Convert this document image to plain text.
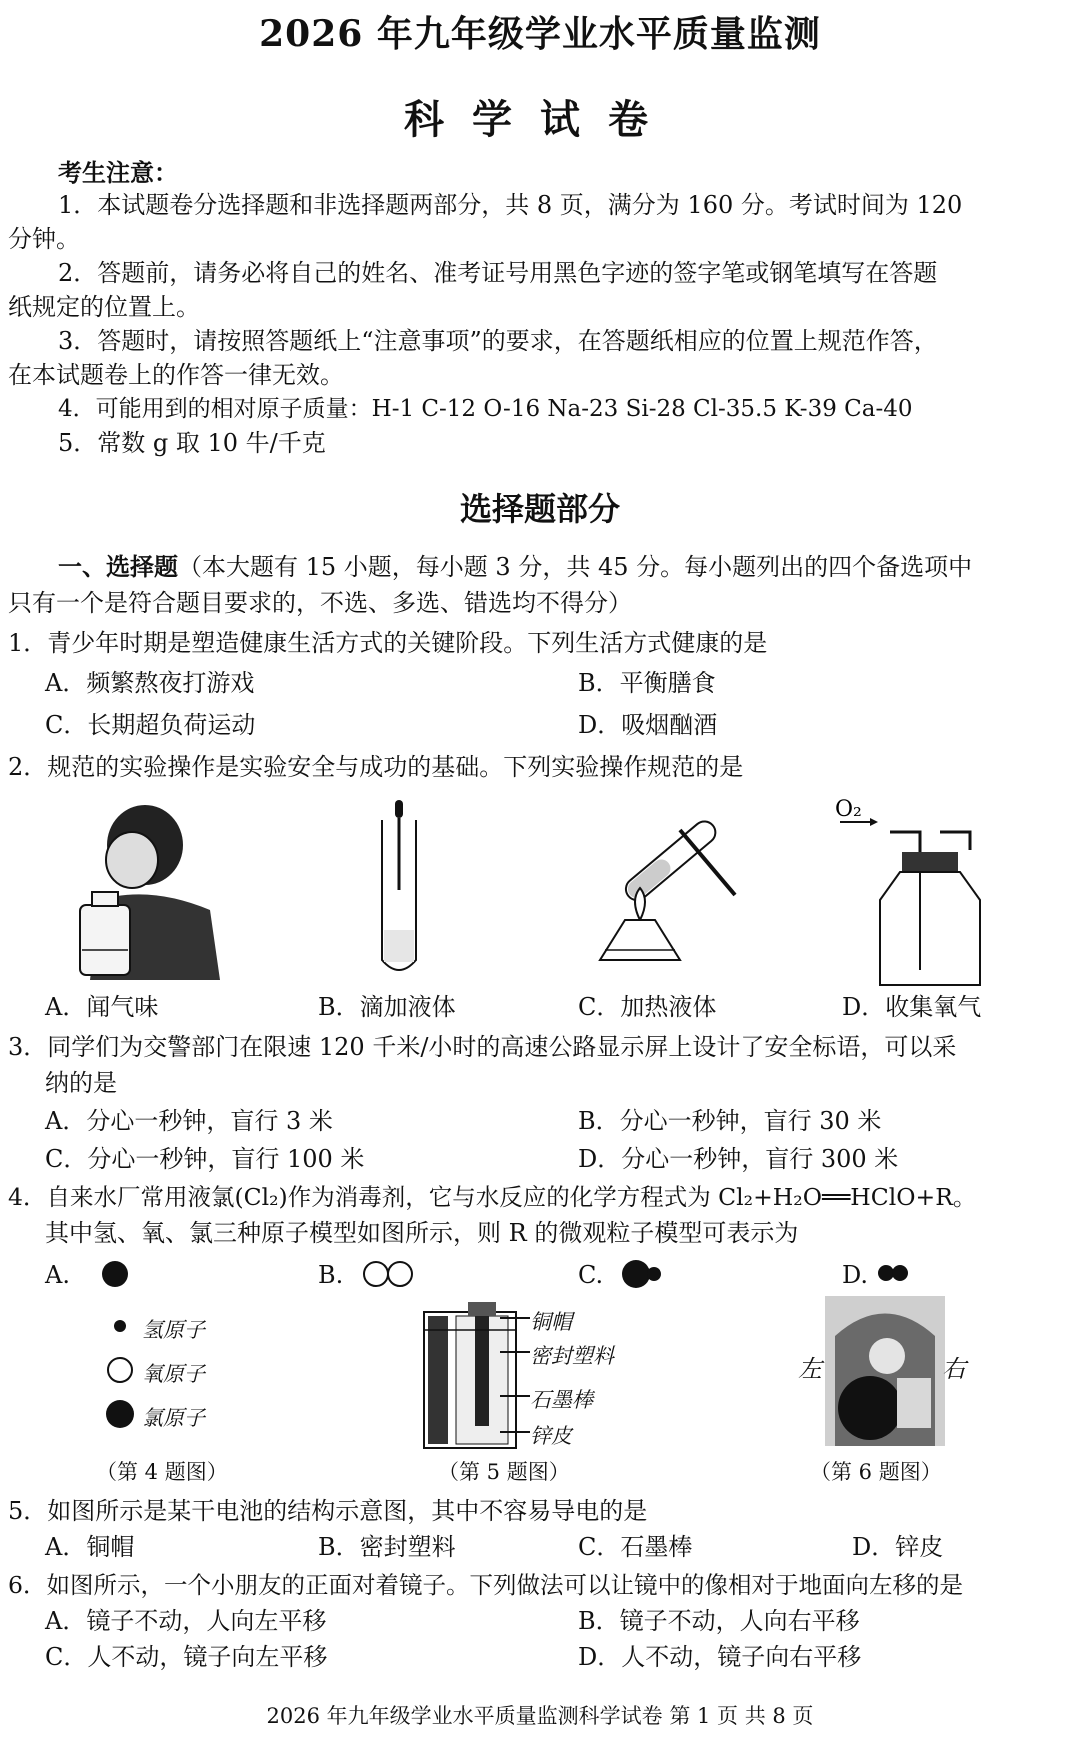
2026 年九年级学业水平质量监测
科学试卷
考生注意：
1．本试题卷分选择题和非选择题两部分，共 8 页，满分为 160 分。考试时间为 120
分钟。
2．答题前，请务必将自己的姓名、准考证号用黑色字迹的签字笔或钢笔填写在答题
纸规定的位置上。
3．答题时，请按照答题纸上“注意事项”的要求，在答题纸相应的位置上规范作答，
在本试题卷上的作答一律无效。
4．可能用到的相对原子质量：H-1 C-12 O-16 Na-23 Si-28 Cl-35.5 K-39 Ca-40
5．常数 g 取 10 牛/千克
选择题部分
一、选择题（本大题有 15 小题，每小题 3 分，共 45 分。每小题列出的四个备选项中
只有一个是符合题目要求的，不选、多选、错选均不得分）
1．青少年时期是塑造健康生活方式的关键阶段。下列生活方式健康的是
A．频繁熬夜打游戏	B．平衡膳食
C．长期超负荷运动	D．吸烟酗酒
2．规范的实验操作是实验安全与成功的基础。下列实验操作规范的是
O₂
A．闻气味	B．滴加液体	C．加热液体	D．收集氧气
3．同学们为交警部门在限速 120 千米/小时的高速公路显示屏上设计了安全标语，可以采
纳的是
A．分心一秒钟，盲行 3 米	B．分心一秒钟，盲行 30 米
C．分心一秒钟，盲行 100 米	D．分心一秒钟，盲行 300 米
4．自来水厂常用液氯(Cl₂)作为消毒剂，它与水反应的化学方程式为 Cl₂+H₂O══HClO+R。
其中氢、氧、氯三种原子模型如图所示，则 R 的微观粒子模型可表示为
A.	B.	C.	D.
氢原子
氧原子
氯原子
（第 4 题图）
铜帽
密封塑料
石墨棒
锌皮
（第 5 题图）
左	右
（第 6 题图）
5．如图所示是某干电池的结构示意图，其中不容易导电的是
A．铜帽	B．密封塑料	C．石墨棒	D．锌皮
6．如图所示，一个小朋友的正面对着镜子。下列做法可以让镜中的像相对于地面向左移的是
A．镜子不动，人向左平移	B．镜子不动，人向右平移
C．人不动，镜子向左平移	D．人不动，镜子向右平移
2026 年九年级学业水平质量监测科学试卷 第 1 页 共 8 页
